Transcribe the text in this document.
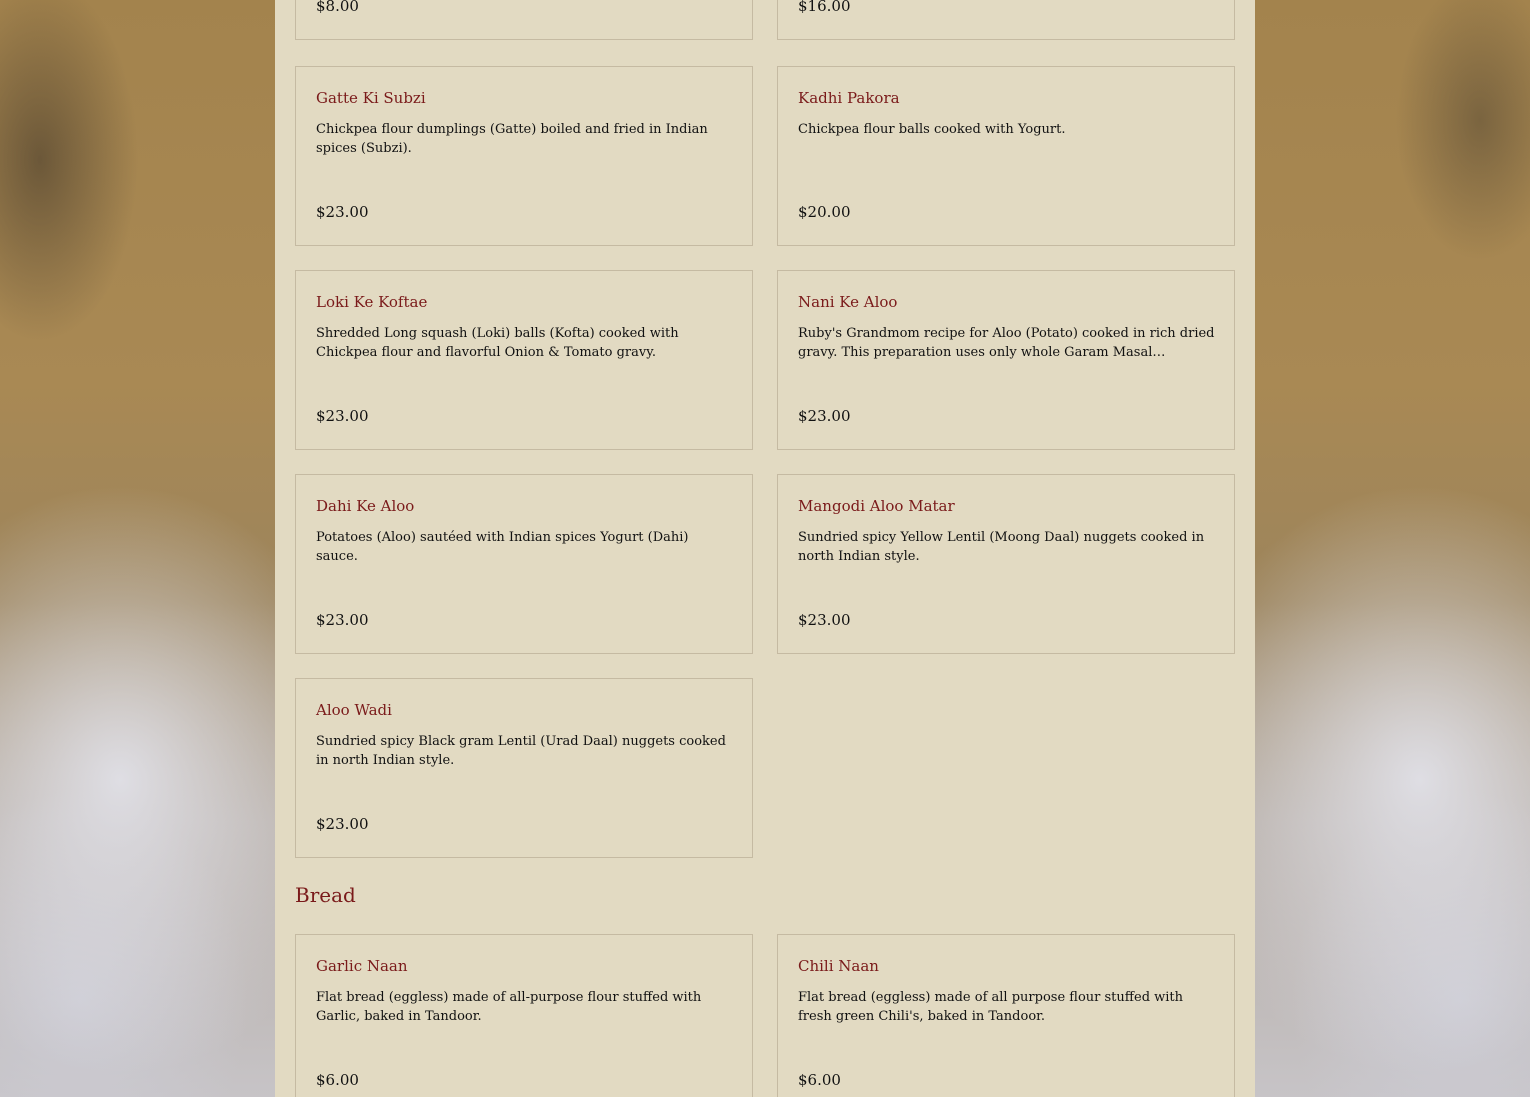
$8.00	$16.00
Gatte Ki Subzi
Chickpea flour dumplings (Gatte) boiled and fried in Indian spices (Subzi).
$23.00
Kadhi Pakora
Chickpea flour balls cooked with Yogurt.
$20.00
Loki Ke Koftae
Shredded Long squash (Loki) balls (Kofta) cooked with Chickpea flour and flavorful Onion & Tomato gravy.
$23.00
Nani Ke Aloo
Ruby's Grandmom recipe for Aloo (Potato) cooked in rich dried gravy. This preparation uses only whole Garam Masal…
$23.00
Dahi Ke Aloo
Potatoes (Aloo) sautéed with Indian spices Yogurt (Dahi) sauce.
$23.00
Mangodi Aloo Matar
Sundried spicy Yellow Lentil (Moong Daal) nuggets cooked in north Indian style.
$23.00
Aloo Wadi
Sundried spicy Black gram Lentil (Urad Daal) nuggets cooked in north Indian style.
$23.00
Bread
Garlic Naan
Flat bread (eggless) made of all-purpose flour stuffed with Garlic, baked in Tandoor.
$6.00
Chili Naan
Flat bread (eggless) made of all purpose flour stuffed with fresh green Chili's, baked in Tandoor.
$6.00
